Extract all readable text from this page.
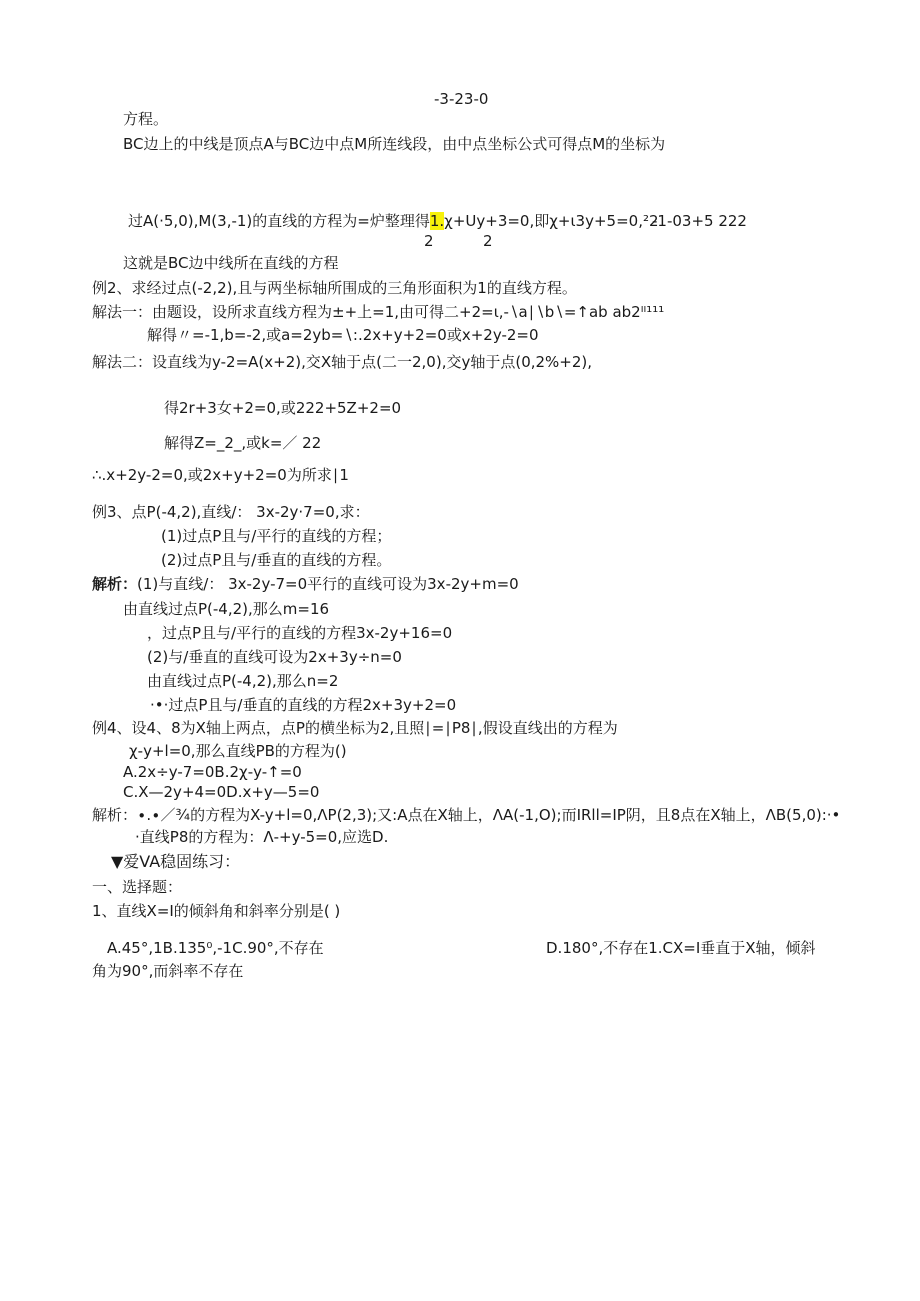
-3-23-0
方程。
BC边上的中线是顶点A与BC边中点M所连线段，由中点坐标公式可得点M的坐标为
过A(·5,0),M(3,-1)的直线的方程为=炉整理得1.χ+Uy+3=0,即χ+ι3y+5=0,²2
-1-03+5 222
2	2
这就是BC边中线所在直线的方程
例2、求经过点(-2,2),且与两坐标轴所围成的三角形面积为1的直线方程。
解法一：由题设，设所求直线方程为±+上=1,由可得二+2=ι,-∖a∣∖b∖=↑ab ab2ᴵᴵ¹¹¹
解得〃=-1,b=-2,或a=2yb=∖:.2x+y+2=0或x+2y-2=0
解法二：设直线为y-2=A(x+2),交X轴于点(二一2,0),交y轴于点(0,2%+2),
得2r+3女+2=0,或222+5Z+2=0
解得Z=_2_,或k=／ 22
∴.x+2y-2=0,或2x+y+2=0为所求∣1
例3、点P(-4,2),直线/： 3x-2y·7=0,求：
(1)过点P且与/平行的直线的方程；
(2)过点P且与/垂直的直线的方程。
解析：(1)与直线/： 3x-2y-7=0平行的直线可设为3x-2y+m=0
由直线过点P(-4,2),那么m=16
，过点P且与/平行的直线的方程3x-2y+16=0
(2)与/垂直的直线可设为2x+3y÷n=0
由直线过点P(-4,2),那么n=2
·•·过点P且与/垂直的直线的方程2x+3y+2=0
例4、设4、8为X轴上两点，点P的横坐标为2,且照∣=∣P8∣,假设直线出的方程为
χ-y+l=0,那么直线PB的方程为()
A.2x÷y-7=0B.2χ-y-↑=0
C.X—2y+4=0D.x+y—5=0
解析：∙.∙／¾的方程为X-y+l=0,ΛP(2,3);又:A点在X轴上，ΛA(-1,O);而IRll=IP阴，且8点在X轴上，ΛB(5,0):·•
·直线P8的方程为：Λ-+y-5=0,应选D.
▼爱VA稳固练习：
一、选择题：
1、直线X=I的倾斜角和斜率分别是( )
A.45°,1B.135⁰,-1C.90°,不存在	D.180°,不存在1.CX=I垂直于X轴，倾斜
角为90°,而斜率不存在
